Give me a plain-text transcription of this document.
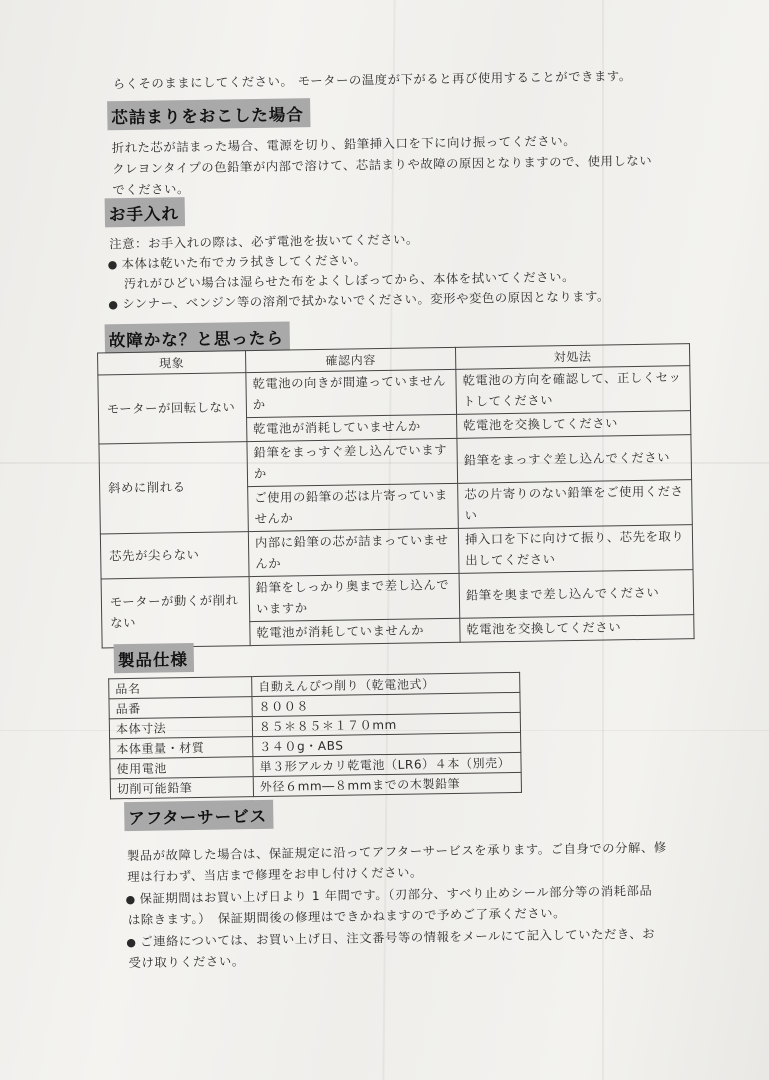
らくそのままにしてください。 モーターの温度が下がると再び使用することができます。
芯詰まりをおこした場合
折れた芯が詰まった場合、電源を切り、鉛筆挿入口を下に向け振ってください。
クレヨンタイプの色鉛筆が内部で溶けて、芯詰まりや故障の原因となりますので、使用しない
でください。
お手入れ
注意：お手入れの際は、必ず電池を抜いてください。
● 本体は乾いた布でカラ拭きしてください。
汚れがひどい場合は湿らせた布をよくしぼってから、本体を拭いてください。
● シンナー、ベンジン等の溶剤で拭かないでください。変形や変色の原因となります。
故障かな？と思ったら
現象	確認内容	対処法
モーターが回転しない	乾電池の向きが間違っていませんか	乾電池の方向を確認して、正しくセットしてください
	乾電池が消耗していませんか	乾電池を交換してください
斜めに削れる	鉛筆をまっすぐ差し込んでいますか	鉛筆をまっすぐ差し込んでください
	ご使用の鉛筆の芯は片寄っていませんか	芯の片寄りのない鉛筆をご使用ください
芯先が尖らない	内部に鉛筆の芯が詰まっていませんか	挿入口を下に向けて振り、芯先を取り出してください
モーターが動くが削れない	鉛筆をしっかり奥まで差し込んでいますか	鉛筆を奥まで差し込んでください
	乾電池が消耗していませんか	乾電池を交換してください
製品仕様
品名	自動えんぴつ削り（乾電池式）
品番	８００８
本体寸法	８５＊８５＊１７０mm
本体重量・材質	３４０g・ABS
使用電池	単３形アルカリ乾電池（LR6）４本（別売）
切削可能鉛筆	外径６mm―８mmまでの木製鉛筆
アフターサービス
製品が故障した場合は、保証規定に沿ってアフターサービスを承ります。ご自身での分解、修
理は行わず、当店まで修理をお申し付けください。
● 保証期間はお買い上げ日より 1 年間です。（刃部分、すべり止めシール部分等の消耗部品
は除きます。）　保証期間後の修理はできかねますので予めご了承ください。
● ご連絡については、お買い上げ日、注文番号等の情報をメールにて記入していただき、お
受け取りください。
